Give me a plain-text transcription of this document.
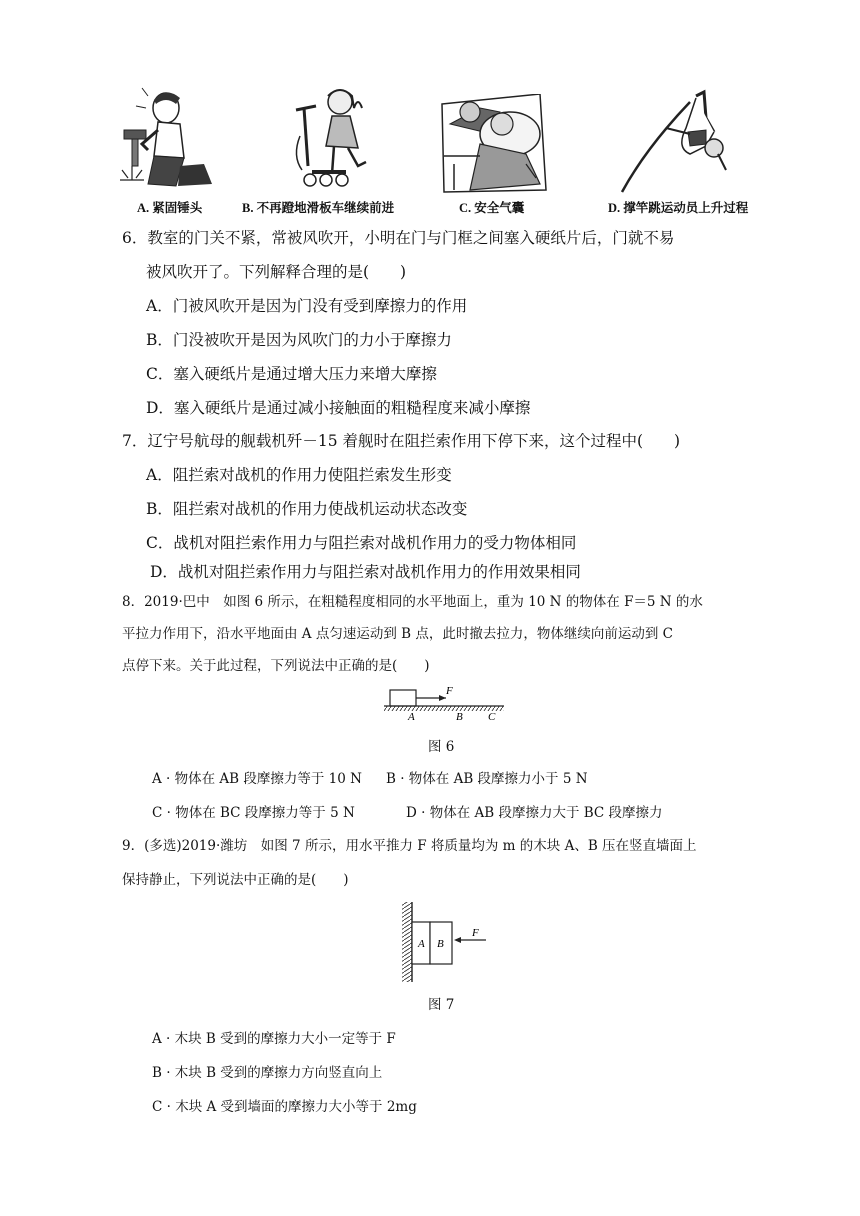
A. 紧固锤头	B. 不再蹬地滑板车继续前进	C. 安全气囊	D. 撑竿跳运动员上升过程
6．教室的门关不紧，常被风吹开，小明在门与门框之间塞入硬纸片后，门就不易
被风吹开了。下列解释合理的是(　　)
A．门被风吹开是因为门没有受到摩擦力的作用
B．门没被吹开是因为风吹门的力小于摩擦力
C．塞入硬纸片是通过增大压力来增大摩擦
D．塞入硬纸片是通过减小接触面的粗糙程度来减小摩擦
7．辽宁号航母的舰载机歼－15 着舰时在阻拦索作用下停下来，这个过程中(　　)
A．阻拦索对战机的作用力使阻拦索发生形变
B．阻拦索对战机的作用力使战机运动状态改变
C．战机对阻拦索作用力与阻拦索对战机作用力的受力物体相同
D．战机对阻拦索作用力与阻拦索对战机作用力的作用效果相同
8．2019·巴中　如图 6 所示，在粗糙程度相同的水平地面上，重为 10 N 的物体在 F＝5 N 的水
平拉力作用下，沿水平地面由 A 点匀速运动到 B 点，此时撤去拉力，物体继续向前运动到 C
点停下来。关于此过程，下列说法中正确的是(　　)
F
A	B C
图 6
A · 物体在 AB 段摩擦力等于 10 N B · 物体在 AB 段摩擦力小于 5 N
C · 物体在 BC 段摩擦力等于 5 N	D · 物体在 AB 段摩擦力大于 BC 段摩擦力
9．(多选)2019·潍坊　如图 7 所示，用水平推力 F 将质量均为 m 的木块 A、B 压在竖直墙面上
保持静止，下列说法中正确的是(　　)
A B
F
图 7
A · 木块 B 受到的摩擦力大小一定等于 F
B · 木块 B 受到的摩擦力方向竖直向上
C · 木块 A 受到墙面的摩擦力大小等于 2mg
